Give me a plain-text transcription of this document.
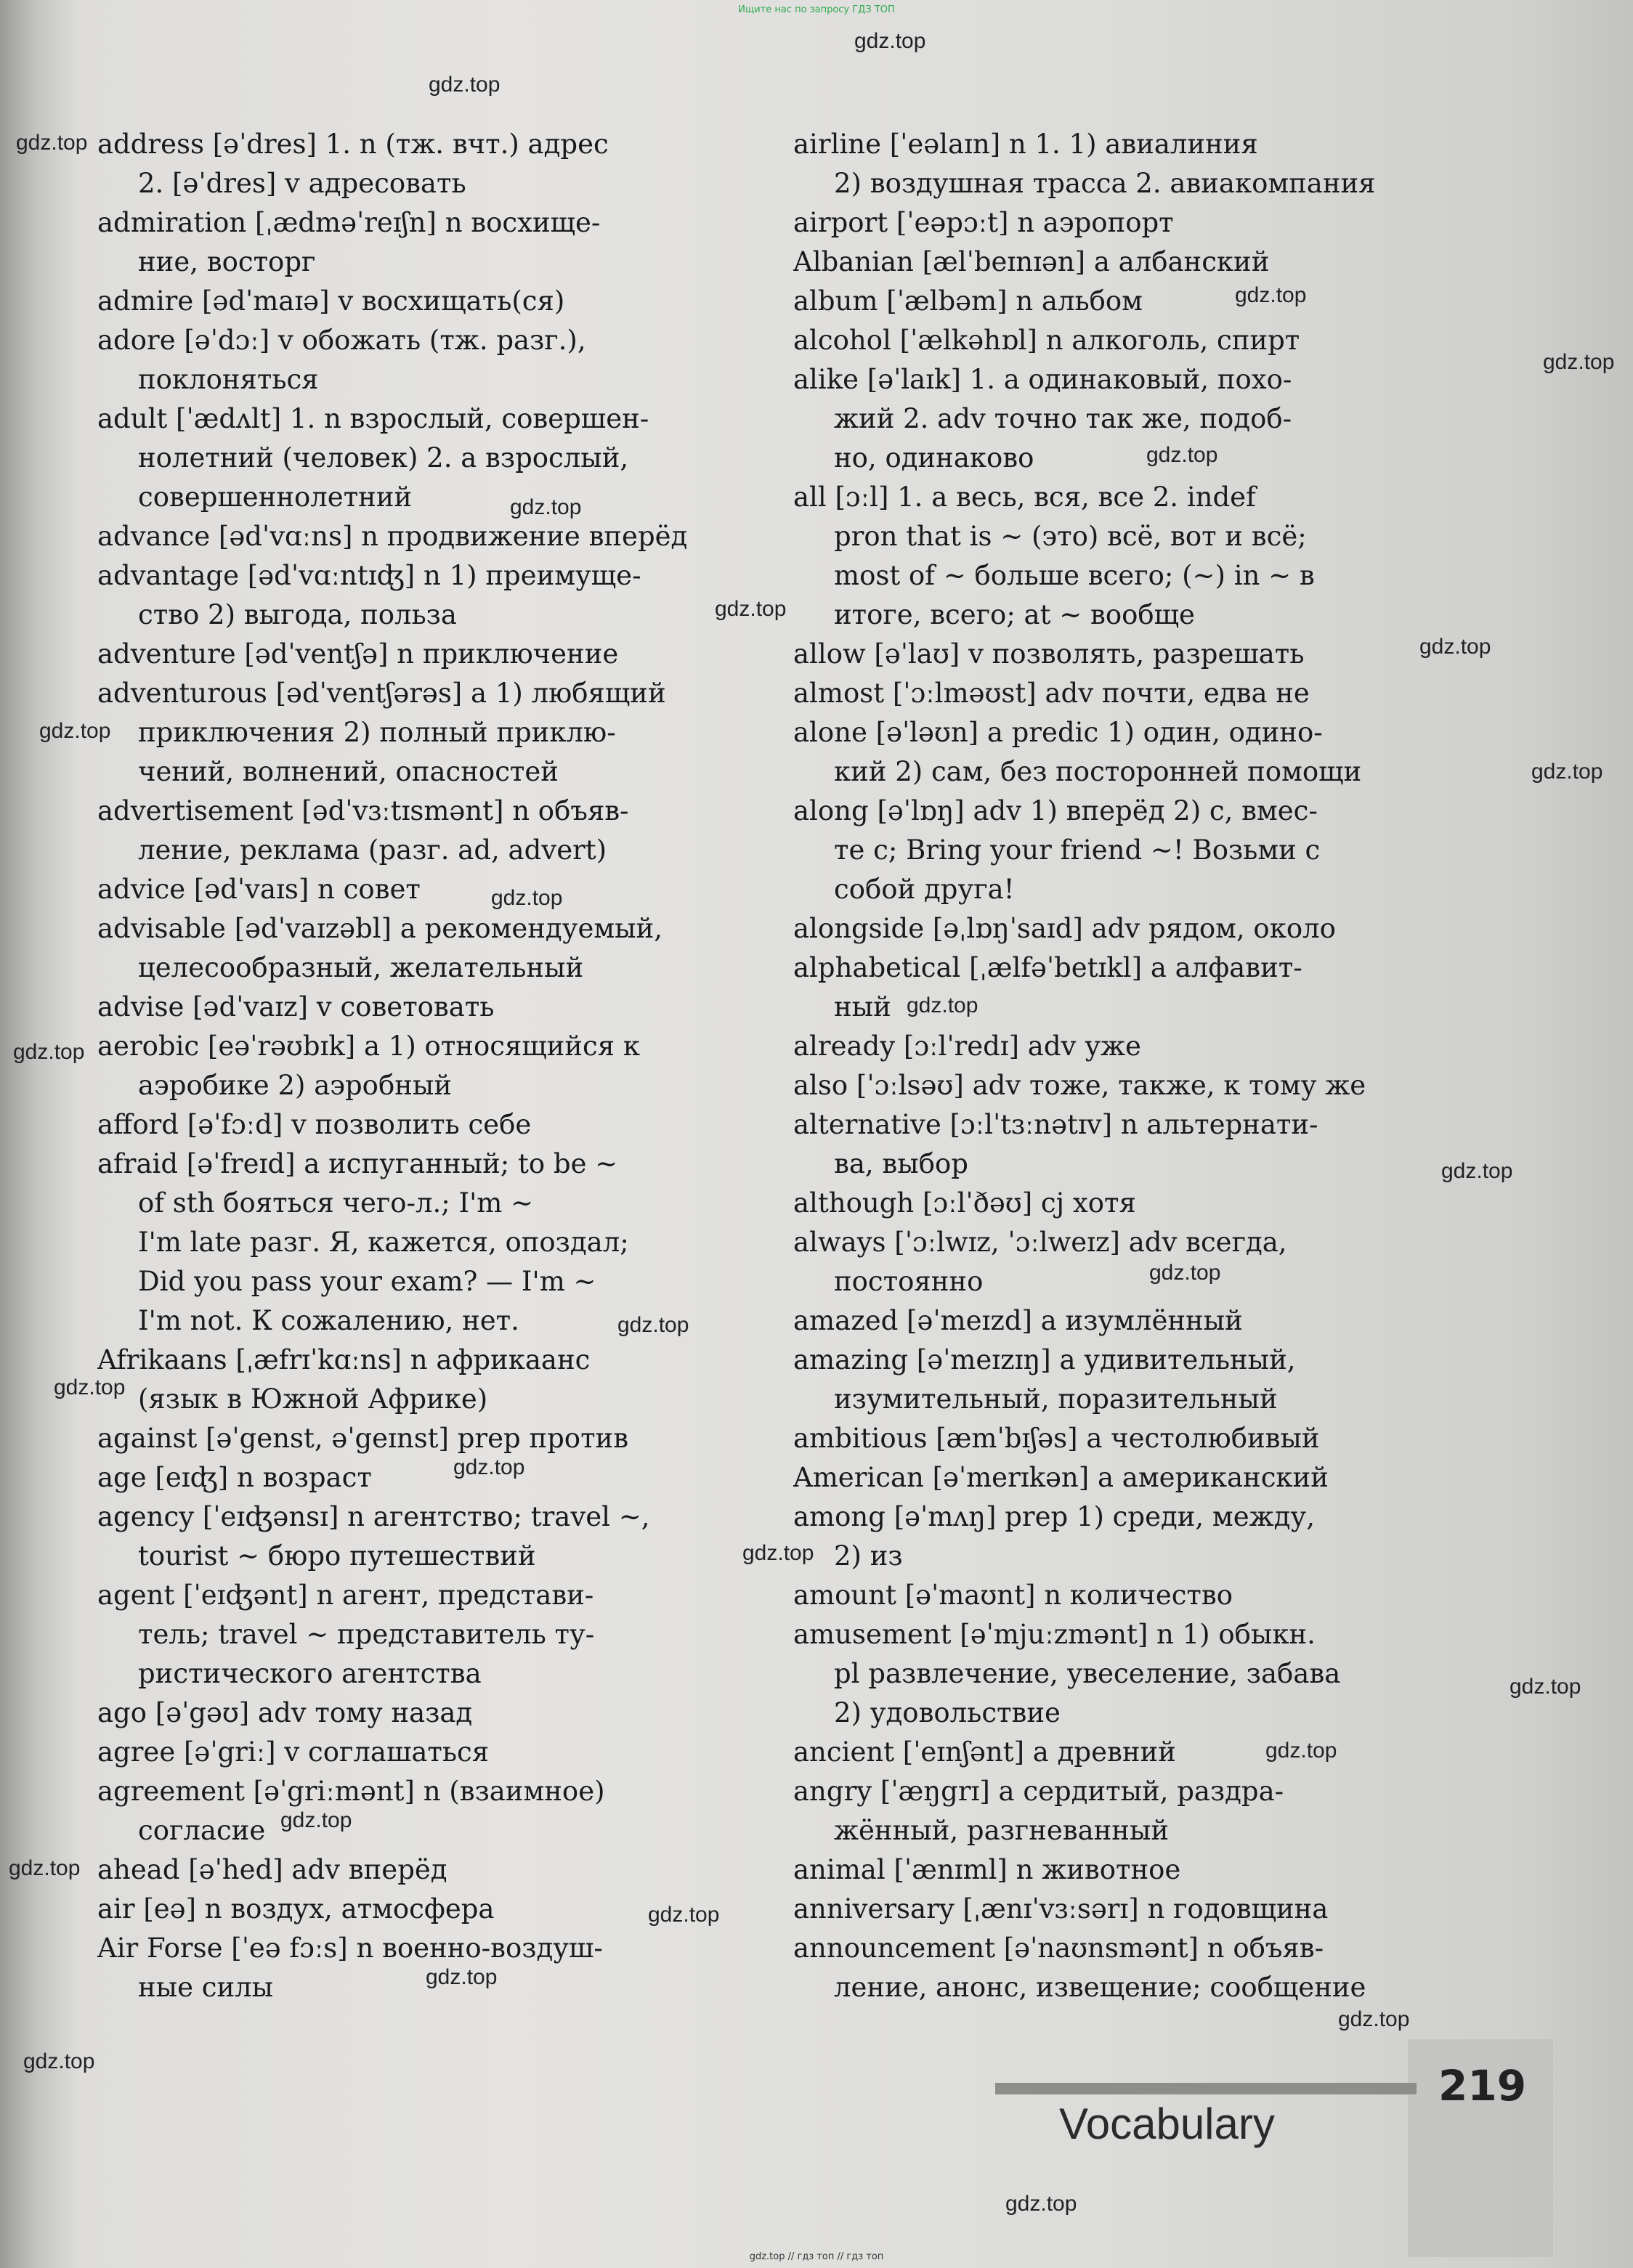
Ищите нас по запросу ГДЗ ТОП
address [əˈdres] 1. n (тж. вчт.) адрес
2. [əˈdres] v адресовать
admiration [ˌædməˈreɪʃn] n восхище-
ние, восторг
admire [ədˈmaɪə] v восхищать(ся)
adore [əˈdɔː] v обожать (тж. разг.),
поклоняться
adult [ˈædʌlt] 1. n взрослый, совершен-
нолетний (человек) 2. a взрослый,
совершеннолетний
advance [ədˈvɑːns] n продвижение вперёд
advantage [ədˈvɑːntɪʤ] n 1) преимуще-
ство 2) выгода, польза
adventure [ədˈventʃə] n приключение
adventurous [ədˈventʃərəs] a 1) любящий
приключения 2) полный приклю-
чений, волнений, опасностей
advertisement [ədˈvɜːtɪsmənt] n объяв-
ление, реклама (разг. ad, advert)
advice [ədˈvaɪs] n совет
advisable [ədˈvaɪzəbl] a рекомендуемый,
целесообразный, желательный
advise [ədˈvaɪz] v советовать
aerobic [eəˈrəʊbɪk] a 1) относящийся к
аэробике 2) аэробный
afford [əˈfɔːd] v позволить себе
afraid [əˈfreɪd] a испуганный; to be ~
of sth бояться чего-л.; I'm ~
I'm late разг. Я, кажется, опоздал;
Did you pass your exam? — I'm ~
I'm not. К сожалению, нет.
Afrikaans [ˌæfrɪˈkɑːns] n африкаанс
(язык в Южной Африке)
against [əˈgenst, əˈgeɪnst] prep против
age [eɪʤ] n возраст
agency [ˈeɪʤənsɪ] n агентство; travel ~,
tourist ~ бюро путешествий
agent [ˈeɪʤənt] n агент, представи-
тель; travel ~ представитель ту-
ристического агентства
ago [əˈgəʊ] adv тому назад
agree [əˈgriː] v соглашаться
agreement [əˈgriːmənt] n (взаимное)
согласие
ahead [əˈhed] adv вперёд
air [eə] n воздух, атмосфера
Air Forse [ˈeə fɔːs] n военно-воздуш-
ные силы
airline [ˈeəlaɪn] n 1. 1) авиалиния
2) воздушная трасса 2. авиакомпания
airport [ˈeəpɔːt] n аэропорт
Albanian [ælˈbeɪnɪən] a албанский
album [ˈælbəm] n альбом
alcohol [ˈælkəhɒl] n алкоголь, спирт
alike [əˈlaɪk] 1. a одинаковый, похо-
жий 2. adv точно так же, подоб-
но, одинаково
all [ɔːl] 1. a весь, вся, все 2. indef
pron that is ~ (это) всё, вот и всё;
most of ~ больше всего; (~) in ~ в
итоге, всего; at ~ вообще
allow [əˈlaʊ] v позволять, разрешать
almost [ˈɔːlməʊst] adv почти, едва не
alone [əˈləʊn] a predic 1) один, одино-
кий 2) сам, без посторонней помощи
along [əˈlɒŋ] adv 1) вперёд 2) с, вмес-
те с; Bring your friend ~! Возьми с
собой друга!
alongside [əˌlɒŋˈsaɪd] adv рядом, около
alphabetical [ˌælfəˈbetɪkl] a алфавит-
ный
already [ɔːlˈredɪ] adv уже
also [ˈɔːlsəʊ] adv тоже, также, к тому же
alternative [ɔːlˈtɜːnətɪv] n альтернати-
ва, выбор
although [ɔːlˈðəʊ] cj хотя
always [ˈɔːlwɪz, ˈɔːlweɪz] adv всегда,
постоянно
amazed [əˈmeɪzd] a изумлённый
amazing [əˈmeɪzɪŋ] a удивительный,
изумительный, поразительный
ambitious [æmˈbɪʃəs] a честолюбивый
American [əˈmerɪkən] a американский
among [əˈmʌŋ] prep 1) среди, между,
2) из
amount [əˈmaʊnt] n количество
amusement [əˈmjuːzmənt] n 1) обыкн.
pl развлечение, увеселение, забава
2) удовольствие
ancient [ˈeɪnʃənt] a древний
angry [ˈæŋgrɪ] a сердитый, раздра-
жённый, разгневанный
animal [ˈænɪml] n животное
anniversary [ˌænɪˈvɜːsərɪ] n годовщина
announcement [əˈnaʊnsmənt] n объяв-
ление, анонс, извещение; сообщение
gdz.top
gdz.top
gdz.top
gdz.top
gdz.top
gdz.top
gdz.top
gdz.top
gdz.top
gdz.top
gdz.top
gdz.top
gdz.top
gdz.top
gdz.top
gdz.top
gdz.top
gdz.top
gdz.top
gdz.top
gdz.top
gdz.top
gdz.top
gdz.top
gdz.top
gdz.top
gdz.top
gdz.top
gdz.top
219
Vocabulary
gdz.top // гдз топ // гдз топ
